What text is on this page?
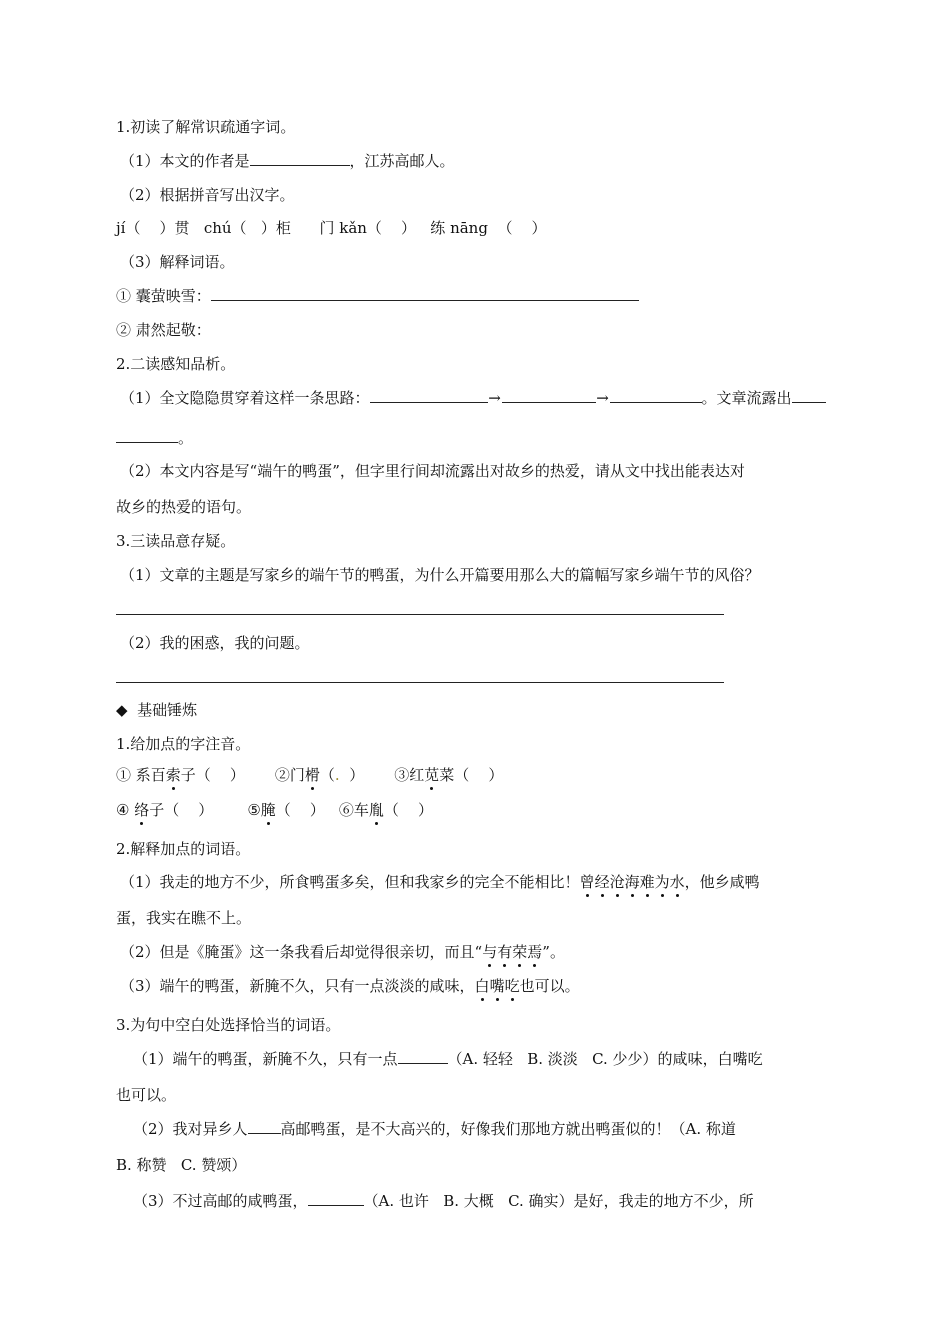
1.初读了解常识疏通字词。
（1）本文的作者是	，江苏高邮人。
（2）根据拼音写出汉字。
jí（    ）贯   chú（   ）柜      门 kǎn（    ）   练 nāng  （    ）
（3）解释词语。
① 囊萤映雪：
② 肃然起敬：
2.二读感知品析。
（1）全文隐隐贯穿着这样一条思路：	→	→	。文章流露出
。
（2）本文内容是写“端午的鸭蛋”，但字里行间却流露出对故乡的热爱，请从文中找出能表达对
故乡的热爱的语句。
3.三读品意存疑。
（1）文章的主题是写家乡的端午节的鸭蛋，为什么开篇要用那么大的篇幅写家乡端午节的风俗？
（2）我的困惑，我的问题。
◆  基础锤炼
1.给加点的字注音。
① 系百索子（    ） ②门榾（.  ） ③红苋菜（    ）
④ 络子（    ） ⑤腌（    ） ⑥车胤（    ）
2.解释加点的词语。
（1）我走的地方不少，所食鸭蛋多矣，但和我家乡的完全不能相比！曾经沧海难为水，他乡咸鸭
蛋，我实在瞧不上。
（2）但是《腌蛋》这一条我看后却觉得很亲切，而且“与有荣焉”。
（3）端午的鸭蛋，新腌不久，只有一点淡淡的咸味，白嘴吃也可以。
3.为句中空白处选择恰当的词语。
（1）端午的鸭蛋，新腌不久，只有一点	（A. 轻轻   B. 淡淡   C. 少少）的咸味，白嘴吃
也可以。
（2）我对异乡人 高邮鸭蛋，是不大高兴的，好像我们那地方就出鸭蛋似的！（A. 称道
B. 称赞   C. 赞颂）
（3）不过高邮的咸鸭蛋，	（A. 也许   B. 大概   C. 确实）是好，我走的地方不少，所
